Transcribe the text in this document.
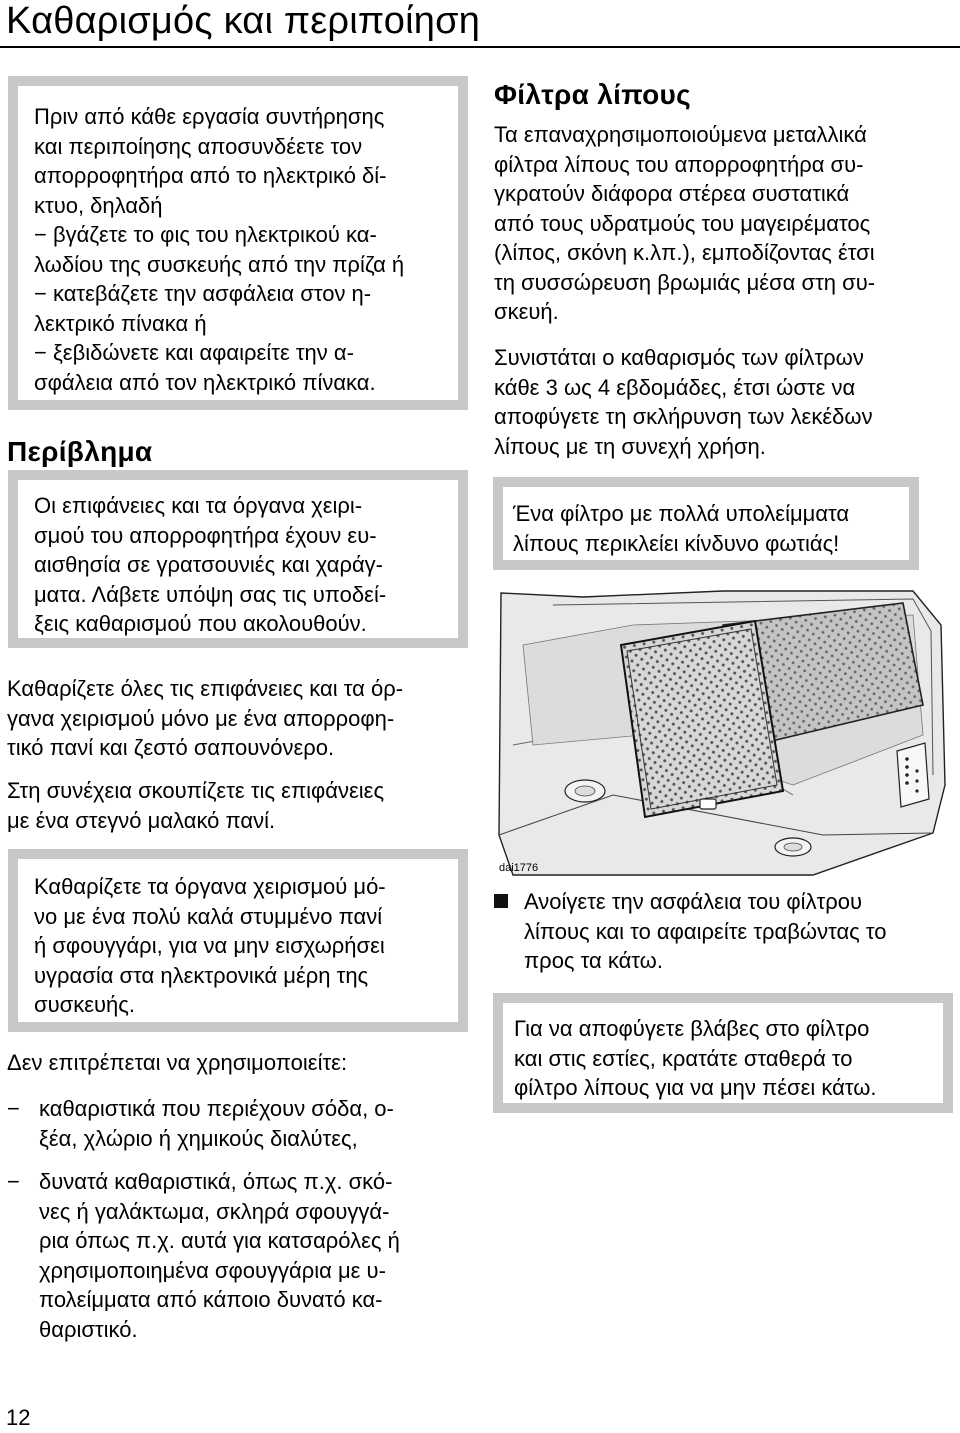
Καθαρισμός και περιποίηση

Πριν από κάθε εργασία συντήρησης

και περιποίησης αποσυνδέετε τον

απορροφητήρα από το ηλεκτρικό δί-

κτυο, δηλαδή

− βγάζετε το φις του ηλεκτρικού κα-

λωδίου της συσκευής από την πρίζα ή

− κατεβάζετε την ασφάλεια στον η-

λεκτρικό πίνακα ή

− ξεβιδώνετε και αφαιρείτε την α-

σφάλεια από τον ηλεκτρικό πίνακα.

Περίβλημα

Οι επιφάνειες και τα όργανα χειρι-

σμού του απορροφητήρα έχουν ευ-

αισθησία σε γρατσουνιές και χαράγ-

ματα. Λάβετε υπόψη σας τις υποδεί-

ξεις καθαρισμού που ακολουθούν.

Καθαρίζετε όλες τις επιφάνειες και τα όρ-

γανα χειρισμού μόνο με ένα απορροφη-

τικό πανί και ζεστό σαπουνόνερο.

Στη συνέχεια σκουπίζετε τις επιφάνειες

με ένα στεγνό μαλακό πανί.

Καθαρίζετε τα όργανα χειρισμού μό-

νο με ένα πολύ καλά στυμμένο πανί

ή σφουγγάρι, για να μην εισχωρήσει

υγρασία στα ηλεκτρονικά μέρη της

συσκευής.

Δεν επιτρέπεται να χρησιμοποιείτε:

− καθαριστικά που περιέχουν σόδα, ο-

ξέα, χλώριο ή χημικούς διαλύτες,

− δυνατά καθαριστικά, όπως π.χ. σκό-

νες ή γαλάκτωμα, σκληρά σφουγγά-

ρια όπως π.χ. αυτά για κατσαρόλες ή

χρησιμοποιημένα σφουγγάρια με υ-

πολείμματα από κάποιο δυνατό κα-

θαριστικό.

12
Φίλτρα λίπους

Τα επαναχρησιμοποιούμενα μεταλλικά

φίλτρα λίπους του απορροφητήρα συ-

γκρατούν διάφορα στέρεα συστατικά

από τους υδρατμούς του μαγειρέματος

(λίπος, σκόνη κ.λπ.), εμποδίζοντας έτσι

τη συσσώρευση βρωμιάς μέσα στη συ-

σκευή.

Συνιστάται ο καθαρισμός των φίλτρων

κάθε 3 ως 4 εβδομάδες, έτσι ώστε να

αποφύγετε τη σκλήρυνση των λεκέδων

λίπους με τη συνεχή χρήση.

Ένα φίλτρο με πολλά υπολείμματα

λίπους περικλείει κίνδυνο φωτιάς!

dai1776

Ανοίγετε την ασφάλεια του φίλτρου

λίπους και το αφαιρείτε τραβώντας το

προς τα κάτω.

Για να αποφύγετε βλάβες στο φίλτρο

και στις εστίες, κρατάτε σταθερά το

φίλτρο λίπους για να μην πέσει κάτω.
